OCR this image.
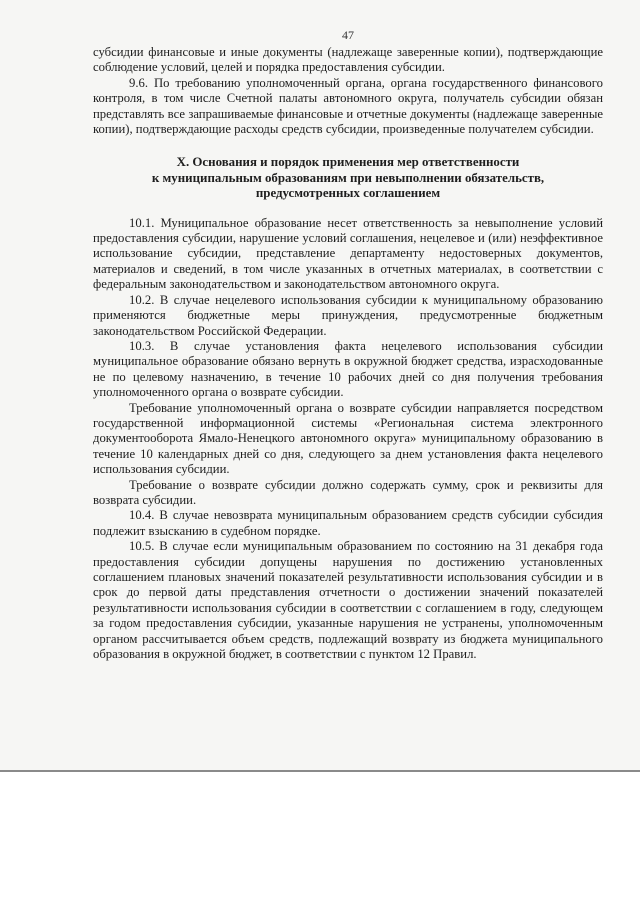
47

субсидии финансовые и иные документы (надлежаще заверенные копии), подтверждающие соблюдение условий, целей и порядка предоставления субсидии.

9.6. По требованию уполномоченный органа, органа государственного финансового контроля, в том числе Счетной палаты автономного округа, получатель субсидии обязан представлять все запрашиваемые финансовые и отчетные документы (надлежаще заверенные копии), подтверждающие расходы средств субсидии, произведенные получателем субсидии.

X. Основания и порядок применения мер ответственности
к муниципальным образованиям при невыполнении обязательств,
предусмотренных соглашением

10.1. Муниципальное образование несет ответственность за невыполнение условий предоставления субсидии, нарушение условий соглашения, нецелевое и (или) неэффективное использование субсидии, представление департаменту недостоверных документов, материалов и сведений, в том числе указанных в отчетных материалах, в соответствии с федеральным законодательством и законодательством автономного округа.

10.2. В случае нецелевого использования субсидии к муниципальному образованию применяются бюджетные меры принуждения, предусмотренные бюджетным законодательством Российской Федерации.

10.3. В случае установления факта нецелевого использования субсидии муниципальное образование обязано вернуть в окружной бюджет средства, израсходованные не по целевому назначению, в течение 10 рабочих дней со дня получения требования уполномоченного органа о возврате субсидии.

Требование уполномоченный органа о возврате субсидии направляется посредством государственной информационной системы «Региональная система электронного документооборота Ямало-Ненецкого автономного округа» муниципальному образованию в течение 10 календарных дней со дня, следующего за днем установления факта нецелевого использования субсидии.

Требование о возврате субсидии должно содержать сумму, срок и реквизиты для возврата субсидии.

10.4. В случае невозврата муниципальным образованием средств субсидии субсидия подлежит взысканию в судебном порядке.

10.5. В случае если муниципальным образованием по состоянию на 31 декабря года предоставления субсидии допущены нарушения по достижению установленных соглашением плановых значений показателей результативности использования субсидии и в срок до первой даты представления отчетности о достижении значений показателей результативности использования субсидии в соответствии с соглашением в году, следующем за годом предоставления субсидии, указанные нарушения не устранены, уполномоченным органом рассчитывается объем средств, подлежащий возврату из бюджета муниципального образования в окружной бюджет, в соответствии с пунктом 12 Правил.
